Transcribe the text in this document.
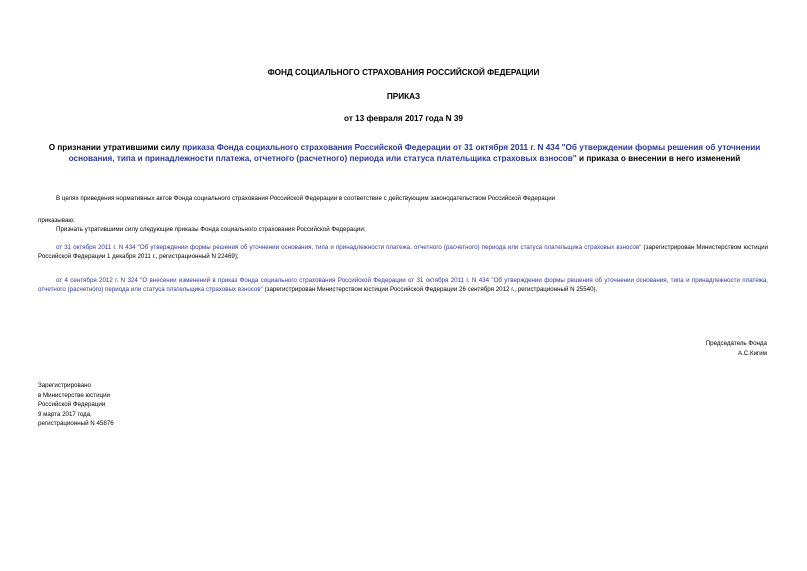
ФОНД СОЦИАЛЬНОГО СТРАХОВАНИЯ РОССИЙСКОЙ ФЕДЕРАЦИИ
ПРИКАЗ
от 13 февраля 2017 года N 39
О признании утратившими силу приказа Фонда социального страхования Российской Федерации от 31 октября 2011 г. N 434 "Об утверждении формы решения об уточнении основания, типа и принадлежности платежа, отчетного (расчетного) периода или статуса плательщика страховых взносов" и приказа о внесении в него изменений
В целях приведения нормативных актов Фонда социального страхования Российской Федерации в соответствие с действующим законодательством Российской Федерации
приказываю:
Признать утратившими силу следующие приказы Фонда социального страхования Российской Федерации:
от 31 октября 2011 г. N 434 "Об утверждении формы решения об уточнении основания, типа и принадлежности платежа, отчетного (расчетного) периода или статуса плательщика страховых взносов" (зарегистрирован Министерством юстиции Российской Федерации 1 декабря 2011 г., регистрационный N 22469);
от 4 сентября 2012 г. N 324 "О внесении изменений в приказ Фонда социального страхования Российской Федерации от 31 октября 2011 г. N 434 "Об утверждении формы решения об уточнении основания, типа и принадлежности платежа, отчетного (расчетного) периода или статуса плательщика страховых взносов" (зарегистрирован Министерством юстиции Российской Федерации 26 сентября 2012 г., регистрационный N 25540).
Председатель Фонда
А.С.Кигим
Зарегистрировано
в Министерстве юстиции
Российской Федерации
9 марта 2017 года,
регистрационный N 45876
